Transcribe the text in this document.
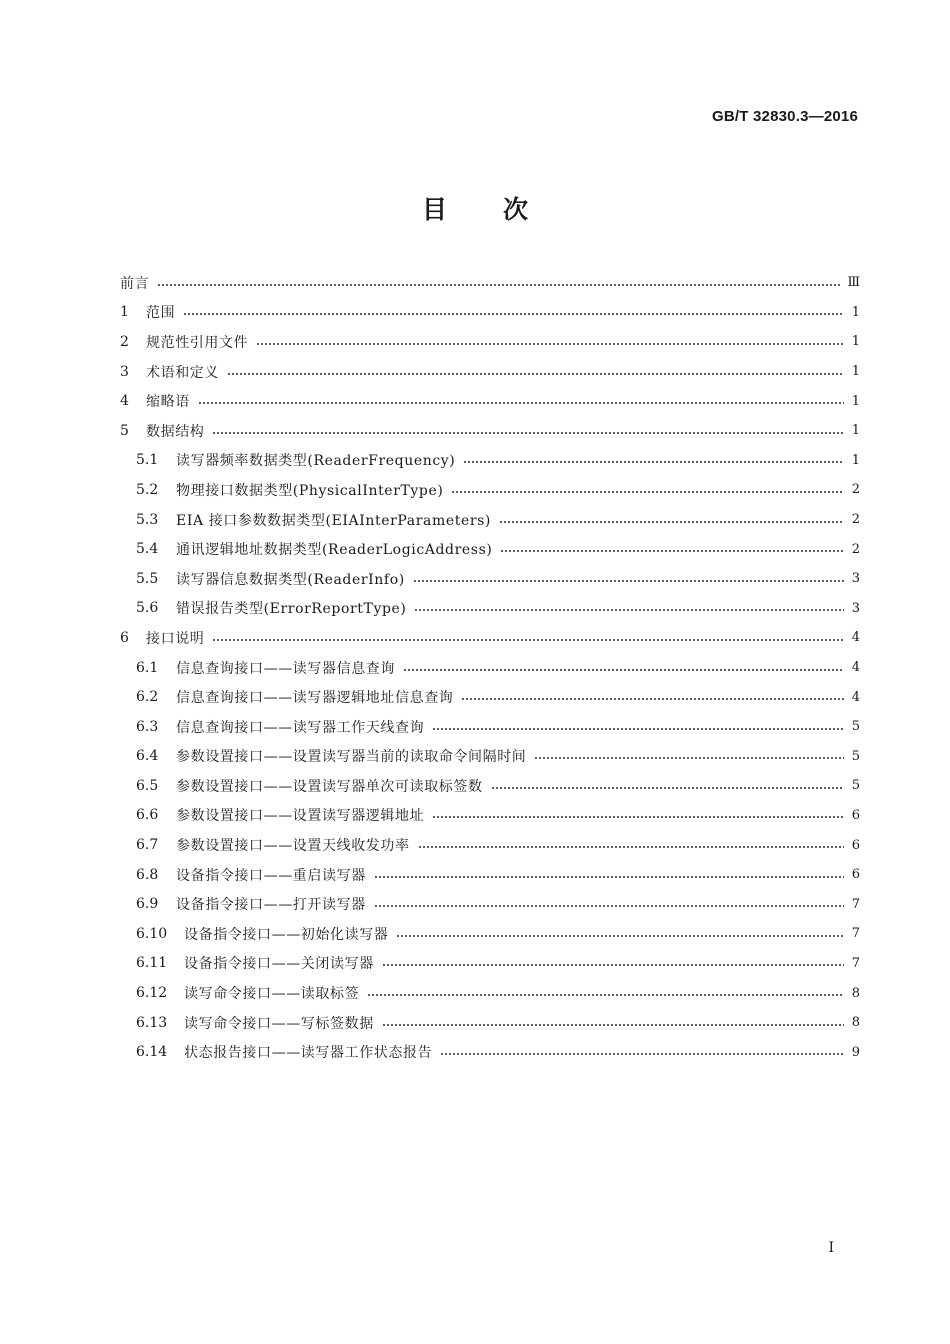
GB/T 32830.3—2016
目次
前言	Ⅲ
1	范围	1
2	规范性引用文件	1
3	术语和定义	1
4	缩略语	1
5	数据结构	1
5.1	读写器频率数据类型(ReaderFrequency)	1
5.2	物理接口数据类型(PhysicalInterType)	2
5.3	EIA 接口参数数据类型(EIAInterParameters)	2
5.4	通讯逻辑地址数据类型(ReaderLogicAddress)	2
5.5	读写器信息数据类型(ReaderInfo)	3
5.6	错误报告类型(ErrorReportType)	3
6	接口说明	4
6.1	信息查询接口——读写器信息查询	4
6.2	信息查询接口——读写器逻辑地址信息查询	4
6.3	信息查询接口——读写器工作天线查询	5
6.4	参数设置接口——设置读写器当前的读取命令间隔时间	5
6.5	参数设置接口——设置读写器单次可读取标签数	5
6.6	参数设置接口——设置读写器逻辑地址	6
6.7	参数设置接口——设置天线收发功率	6
6.8	设备指令接口——重启读写器	6
6.9	设备指令接口——打开读写器	7
6.10	设备指令接口——初始化读写器	7
6.11	设备指令接口——关闭读写器	7
6.12	读写命令接口——读取标签	8
6.13	读写命令接口——写标签数据	8
6.14	状态报告接口——读写器工作状态报告	9
I
